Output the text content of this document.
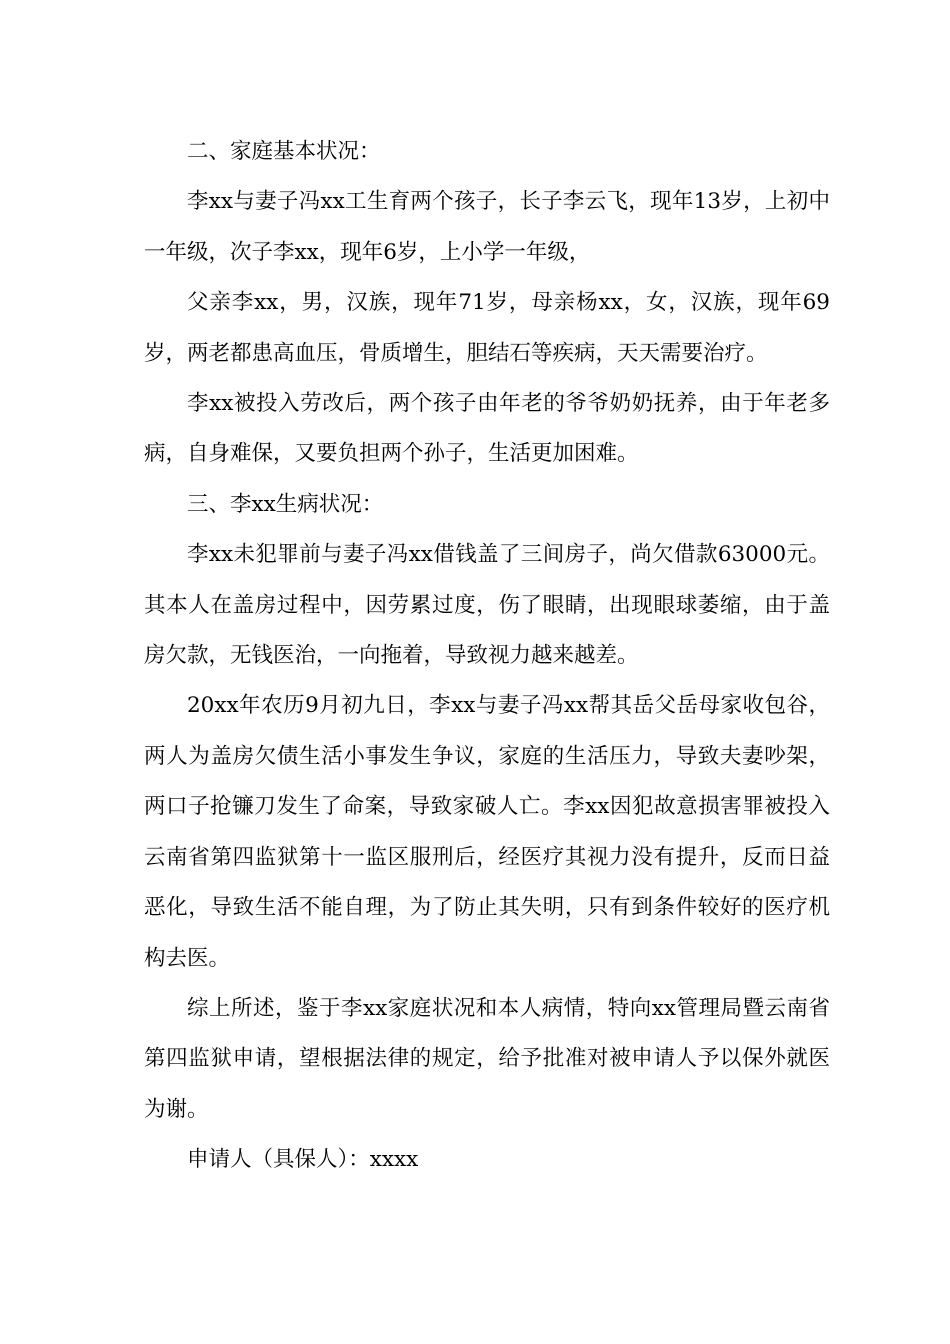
二、家庭基本状况：

李xx与妻子冯xx工生育两个孩子，长子李云飞，现年13岁，上初中一年级，次子李xx，现年6岁，上小学一年级，

父亲李xx，男，汉族，现年71岁，母亲杨xx，女，汉族，现年69岁，两老都患高血压，骨质增生，胆结石等疾病，天天需要治疗。

李xx被投入劳改后，两个孩子由年老的爷爷奶奶抚养，由于年老多病，自身难保，又要负担两个孙子，生活更加困难。

三、李xx生病状况：

李xx未犯罪前与妻子冯xx借钱盖了三间房子，尚欠借款63000元。其本人在盖房过程中，因劳累过度，伤了眼睛，出现眼球萎缩，由于盖房欠款，无钱医治，一向拖着，导致视力越来越差。

20xx年农历9月初九日，李xx与妻子冯xx帮其岳父岳母家收包谷，两人为盖房欠债生活小事发生争议，家庭的生活压力，导致夫妻吵架，两口子抢镰刀发生了命案，导致家破人亡。李xx因犯故意损害罪被投入云南省第四监狱第十一监区服刑后，经医疗其视力没有提升，反而日益恶化，导致生活不能自理，为了防止其失明，只有到条件较好的医疗机构去医。

综上所述，鉴于李xx家庭状况和本人病情，特向xx管理局暨云南省第四监狱申请，望根据法律的规定，给予批准对被申请人予以保外就医为谢。

申请人（具保人）：xxxx
